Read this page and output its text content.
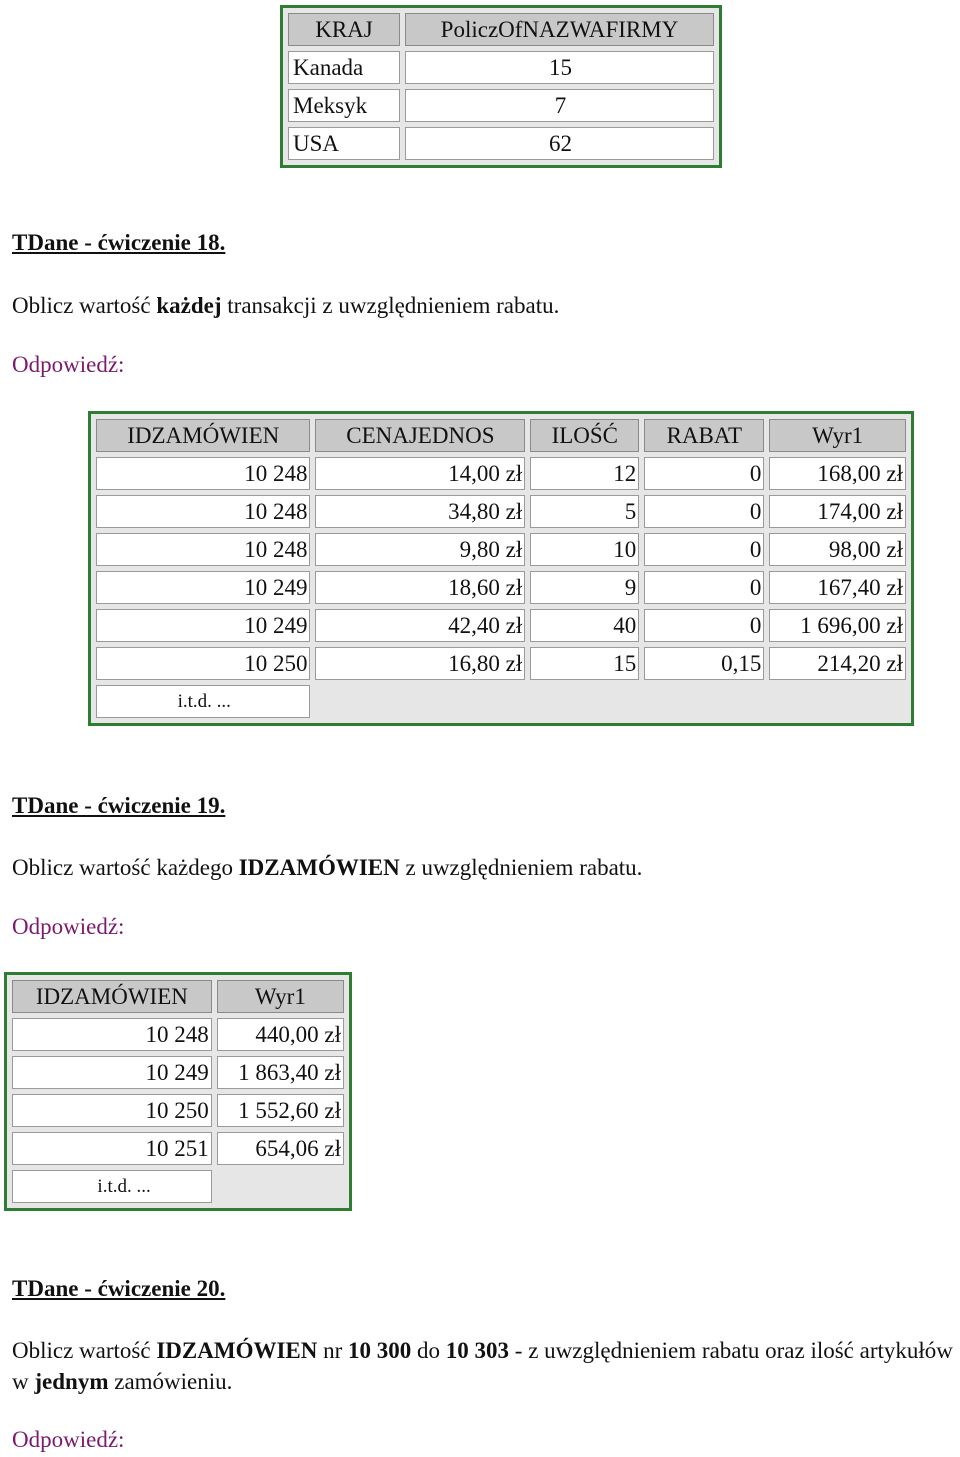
KRAJ	PoliczOfNAZWAFIRMY
Kanada	15
Meksyk	7
USA	62
TDane - ćwiczenie 18.
Oblicz wartość każdej transakcji z uwzględnieniem rabatu.
Odpowiedź:
IDZAMÓWIEN	CENAJEDNOS	ILOŚĆ	RABAT	Wyr1
10 248	14,00 zł	12	0	168,00 zł
10 248	34,80 zł	5	0	174,00 zł
10 248	9,80 zł	10	0	98,00 zł
10 249	18,60 zł	9	0	167,40 zł
10 249	42,40 zł	40	0	1 696,00 zł
10 250	16,80 zł	15	0,15	214,20 zł
i.t.d. ...				
TDane - ćwiczenie 19.
Oblicz wartość każdego IDZAMÓWIEN z uwzględnieniem rabatu.
Odpowiedź:
IDZAMÓWIEN	Wyr1
10 248	440,00 zł
10 249	1 863,40 zł
10 250	1 552,60 zł
10 251	654,06 zł
i.t.d. ...	
TDane - ćwiczenie 20.
Oblicz wartość IDZAMÓWIEN nr 10 300 do 10 303 - z uwzględnieniem rabatu oraz ilość artykułów w jednym zamówieniu.
Odpowiedź:
